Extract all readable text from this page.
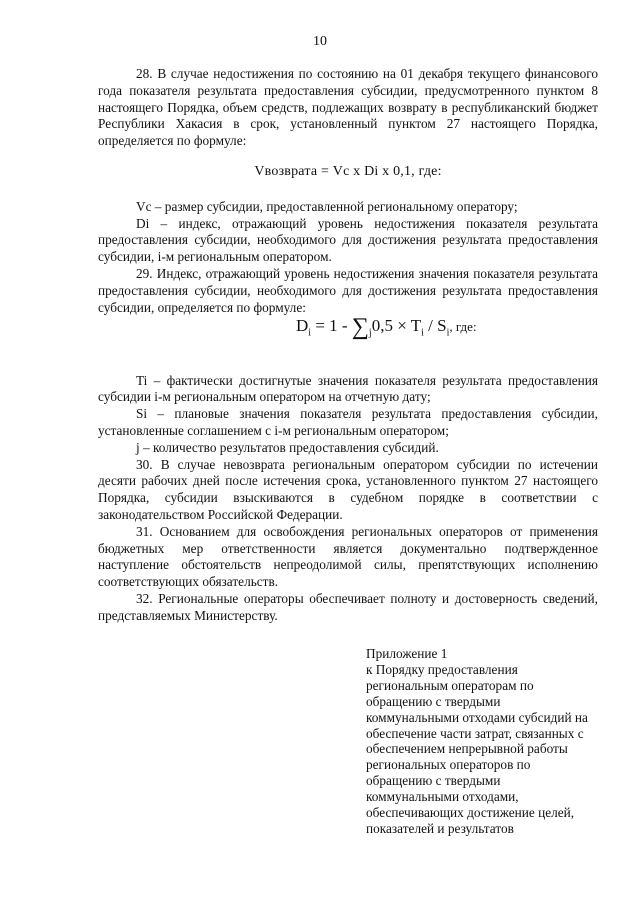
10

28. В случае недостижения по состоянию на 01 декабря текущего финансового года показателя результата предоставления субсидии, предусмотренного пунктом 8 настоящего Порядка, объем средств, подлежащих возврату в республиканский бюджет Республики Хакасия в срок, установленный пунктом 27 настоящего Порядка, определяется по формуле:

Vвозврата = Vс x Di x 0,1, где:

Vс – размер субсидии, предоставленной региональному оператору;

Di – индекс, отражающий уровень недостижения показателя результата предоставления субсидии, необходимого для достижения результата предоставления субсидии, i-м региональным оператором.

29. Индекс, отражающий уровень недостижения значения показателя результата предоставления субсидии, необходимого для достижения результата предоставления субсидии, определяется по формуле:

$D_i = 1 - \sum_j0,5 \times T_i / S_i$, где:

Ti – фактически достигнутые значения показателя результата предоставления субсидии i-м региональным оператором на отчетную дату;

Si – плановые значения показателя результата предоставления субсидии, установленные соглашением с i-м региональным оператором;

j – количество результатов предоставления субсидий.

30. В случае невозврата региональным оператором субсидии по истечении десяти рабочих дней после истечения срока, установленного пунктом 27 настоящего Порядка, субсидии взыскиваются в судебном порядке в соответствии с законодательством Российской Федерации.

31. Основанием для освобождения региональных операторов от применения бюджетных мер ответственности является документально подтвержденное наступление обстоятельств непреодолимой силы, препятствующих исполнению соответствующих обязательств.

32. Региональные операторы обеспечивает полноту и достоверность сведений, представляемых Министерству.

Приложение 1
к Порядку предоставления
региональным операторам по
обращению с твердыми
коммунальными отходами субсидий на
обеспечение части затрат, связанных с
обеспечением непрерывной работы
региональных операторов по
обращению с твердыми
коммунальными отходами,
обеспечивающих достижение целей,
показателей и результатов
